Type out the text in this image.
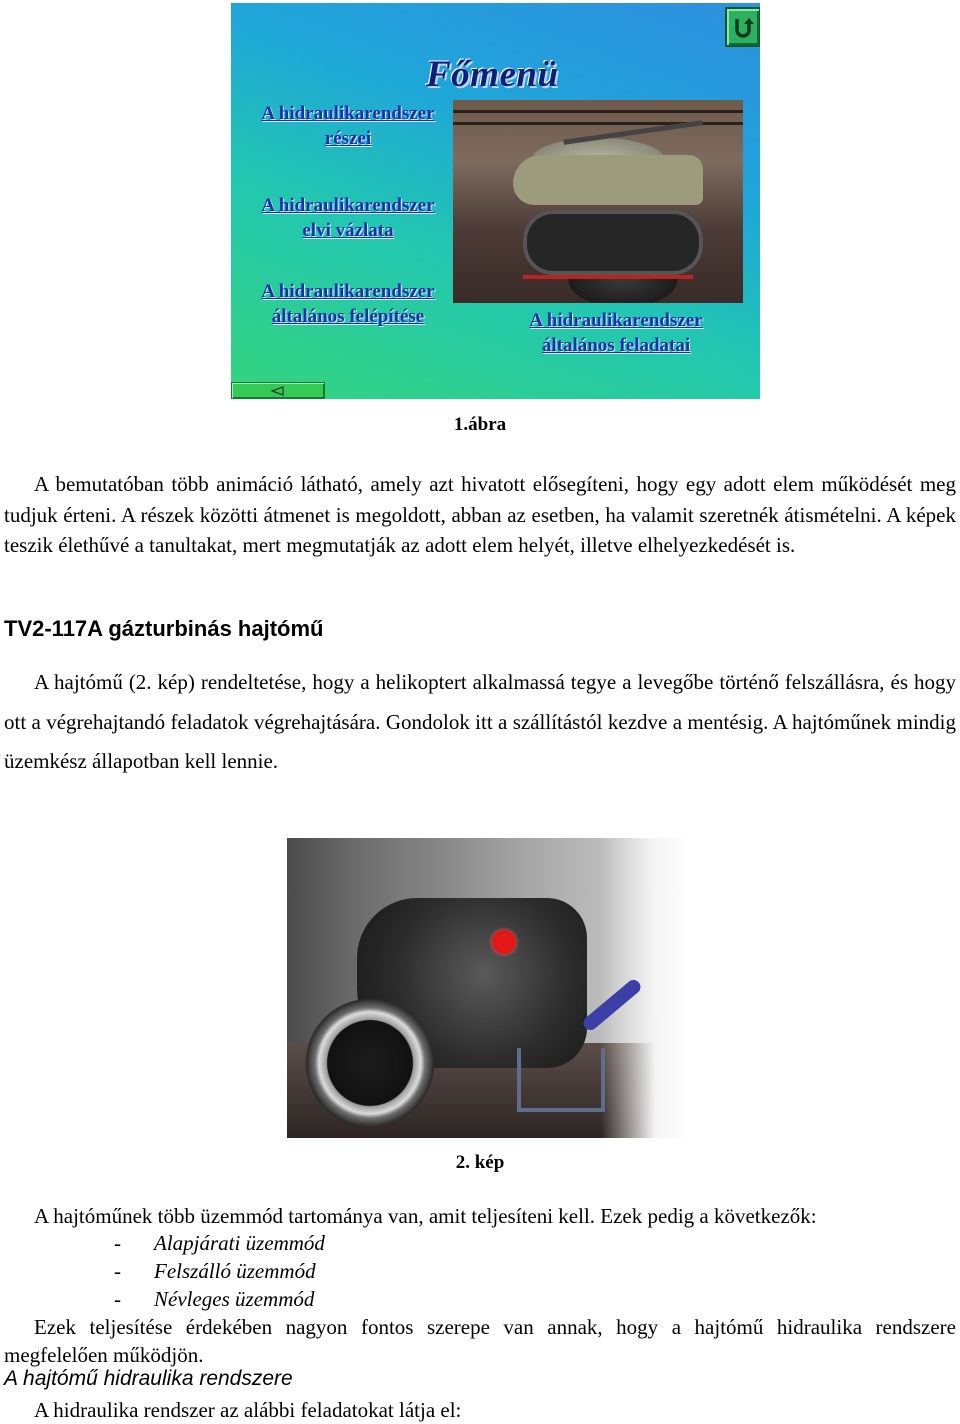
Főmenü
A hidraulikarendszer részei
A hidraulikarendszer elvi vázlata
A hidraulikarendszer általános felépítése	A hidraulikarendszer általános feladatai
1.ábra
A bemutatóban több animáció látható, amely azt hivatott elősegíteni, hogy egy adott elem működését meg tudjuk érteni. A részek közötti átmenet is megoldott, abban az esetben, ha valamit szeretnék átismételni. A képek teszik élethűvé a tanultakat, mert megmutatják az adott elem helyét, illetve elhelyezkedését is.
TV2-117A gázturbinás hajtómű
A hajtómű (2. kép) rendeltetése, hogy a helikoptert alkalmassá tegye a levegőbe történő felszállásra, és hogy ott a végrehajtandó feladatok végrehajtására. Gondolok itt a szállítástól kezdve a mentésig. A hajtóműnek mindig üzemkész állapotban kell lennie.
2. kép
A hajtóműnek több üzemmód tartománya van, amit teljesíteni kell. Ezek pedig a következők:
-	Alapjárati üzemmód
-	Felszálló üzemmód
-	Névleges üzemmód
Ezek teljesítése érdekében nagyon fontos szerepe van annak, hogy a hajtómű hidraulika rendszere megfelelően működjön.
A hajtómű hidraulika rendszere
A hidraulika rendszer az alábbi feladatokat látja el:
